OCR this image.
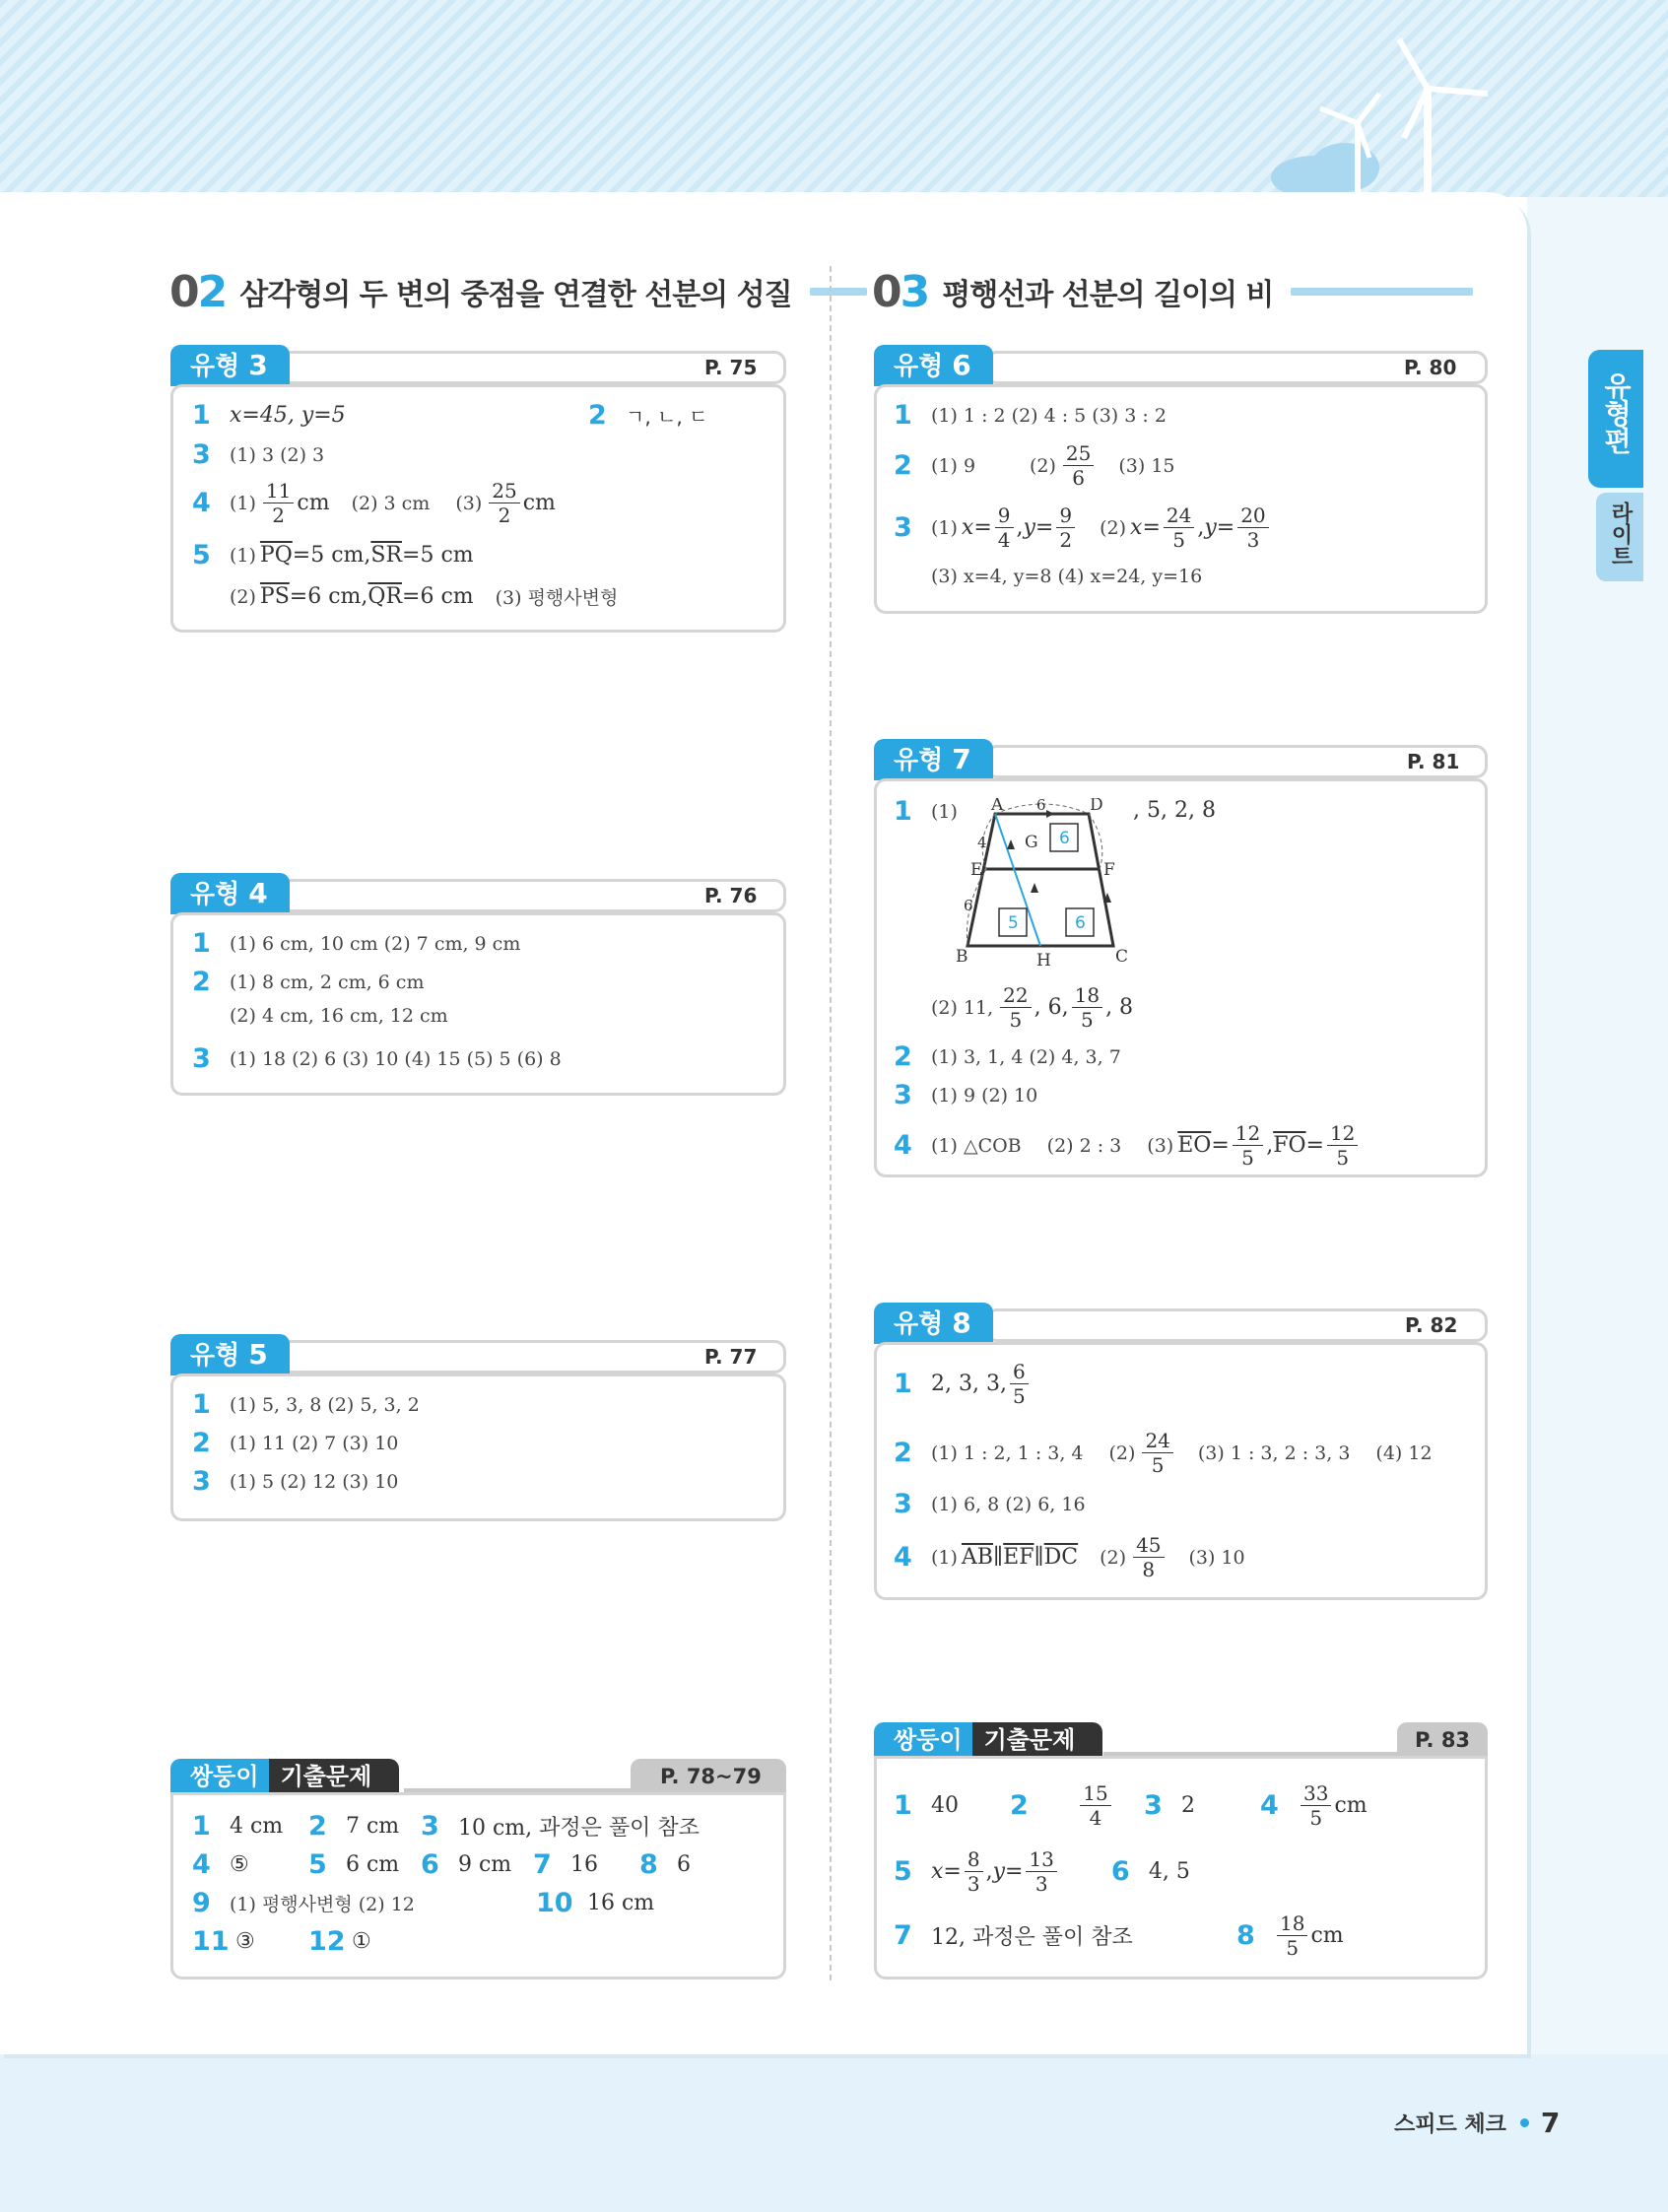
유형편
라이트
02 삼각형의 두 변의 중점을 연결한 선분의 성질 03 평행선과 선분의 길이의 비
유형 3	P. 75
1 x=45, y=5	2 ㄱ, ㄴ, ㄷ
3	(1) 3 (2) 3
4	$(1) \frac{11}{2}$ cm (2) 3 cm $(3) \frac{25}{2}$ cm
5	(1) $\overline{PQ} =5$ cm, $\overline{SR} =5$ cm
(2) $\overline{PS} =6$ cm, $\overline{QR} =6$ cm (3) 평행사변형
유형 4	P. 76
1	(1) 6 cm, 10 cm (2) 7 cm, 9 cm
2	(1) 8 cm, 2 cm, 6 cm
(2) 4 cm, 16 cm, 12 cm
3	(1) 18 (2) 6 (3) 10 (4) 15 (5) 5 (6) 8
유형 5	P. 77
1	(1) 5, 3, 8 (2) 5, 3, 2
2	(1) 11 (2) 7 (3) 10
3	(1) 5 (2) 12 (3) 10
쌍둥이 기출문제	P. 78~79
1 4 cm 2 7 cm 3 10 cm, 과정은 풀이 참조
4 ⑤	5 6 cm 6 9 cm 7 16	8 6
9	(1) 평행사변형 (2) 12	10 16 cm
11 ③	12 ①
유형 6	P. 80
1	(1) 1 : 2 (2) 4 : 5 (3) 3 : 2
2	(1) 9	$(2) \frac{25}{6} (3)$ 15
3	(1) $x= \frac{9}{4}$ , $y= \frac{9}{2} (2)$ $x= \frac{24}{5}$ , $y= \frac{20}{3}$
(3) x=4, y=8 (4) x=24, y=16
유형 7	P. 81
1	(1) A	D
E	F
G
B	H	C
6
4
6
6
5	6
, 5, 2, 8
(2) 11, $\frac{22}{5}$ , 6, $\frac{18}{5}$ , 8
2	(1) 3, 1, 4 (2) 4, 3, 7
3	(1) 9 (2) 10
4	(1) △COB (2) 2 : 3 (3) $\overline{EO} = \frac{12}{5}$ , $\overline{FO} = \frac{12}{5}$
유형 8	P. 82
1 2, 3, 3, $\frac{6}{5}$
2	(1) 1 : 2, 1 : 3, 4 $(2) \frac{24}{5} (3)$ 1 : 3, 2 : 3, 3 (4) 12
3	(1) 6, 8 (2) 6, 16
4	(1) $\overline{AB}$ ∥ $\overline{EF}$ ∥ $\overline{DC}$ $(2) \frac{45}{8} (3)$ 10
쌍둥이 기출문제	P. 83
1 40	2	$\frac{15}{4} 3$ 2	4	$\frac{33}{5}$ cm
5 $x= \frac{8}{3}$ , $y= \frac{13}{3} 6$ 4, 5
7 12, 과정은 풀이 참조	8	$\frac{18}{5}$ cm
스피드 체크 7
